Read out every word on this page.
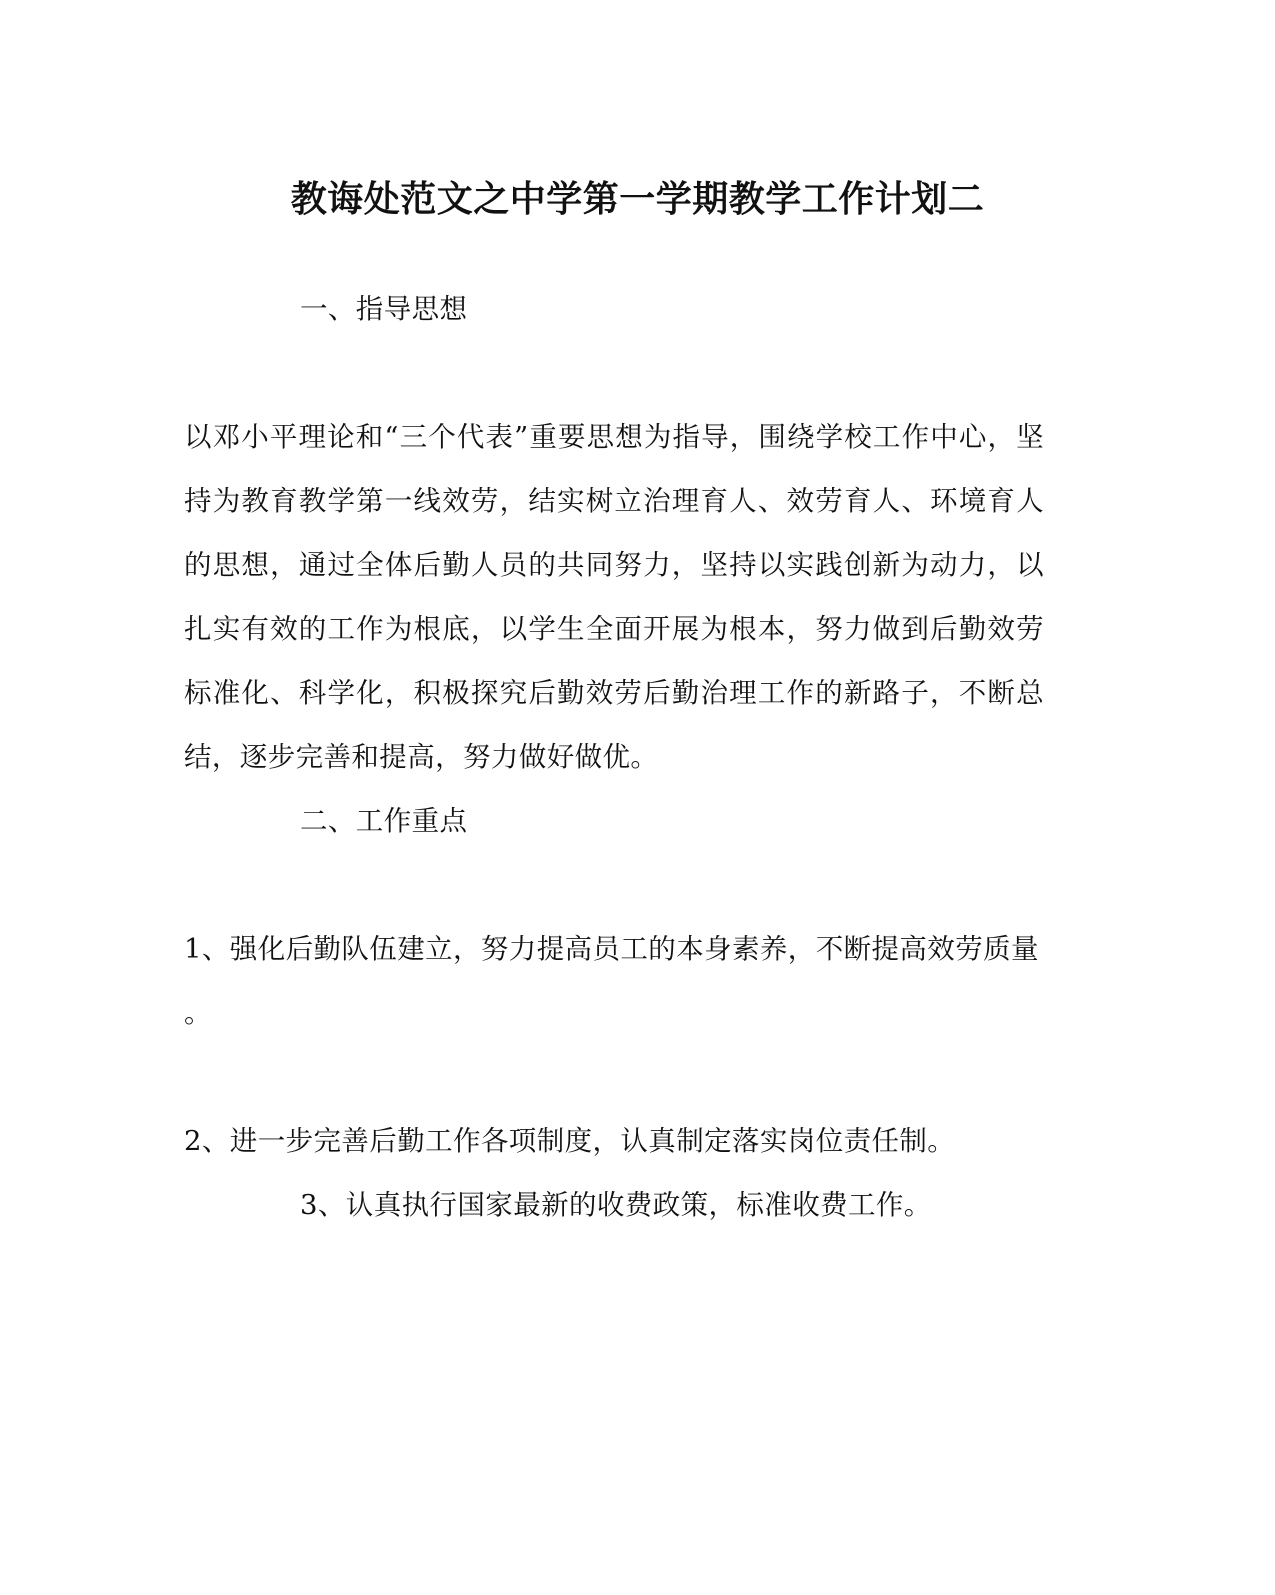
教诲处范文之中学第一学期教学工作计划二
一、指导思想
以邓小平理论和“三个代表”重要思想为指导，围绕学校工作中心，坚
持为教育教学第一线效劳，结实树立治理育人、效劳育人、环境育人
的思想，通过全体后勤人员的共同努力，坚持以实践创新为动力，以
扎实有效的工作为根底，以学生全面开展为根本，努力做到后勤效劳
标准化、科学化，积极探究后勤效劳后勤治理工作的新路子，不断总
结，逐步完善和提高，努力做好做优。
二、工作重点
1、强化后勤队伍建立，努力提高员工的本身素养，不断提高效劳质量
。
2、进一步完善后勤工作各项制度，认真制定落实岗位责任制。
3、认真执行国家最新的收费政策，标准收费工作。
